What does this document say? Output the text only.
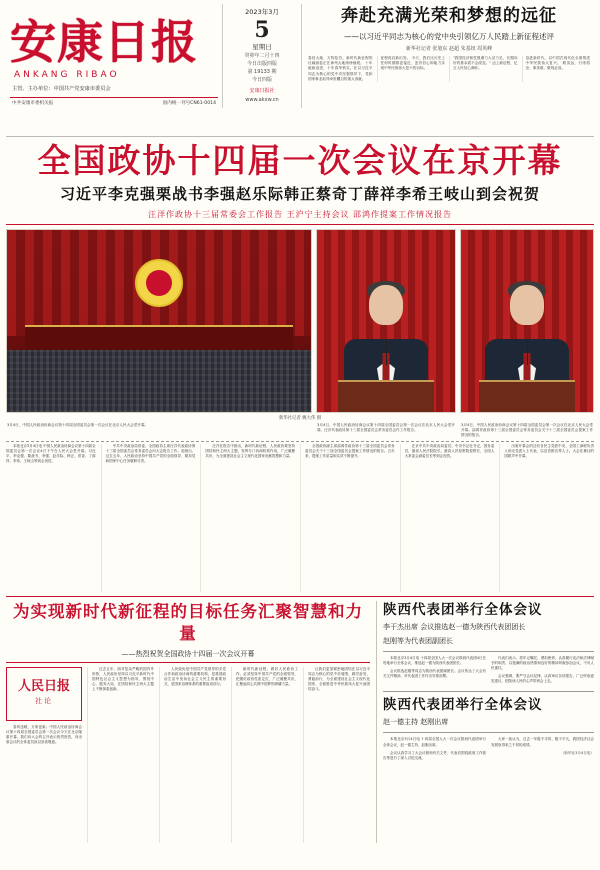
安康日报
ANKANG RIBAO
主管、主办单位：中国共产党安康市委员会
中共安康市委机关报	国内统一刊号CN61-0014
2023年3月
5
星期日
癸卯年二月十四
今日出版四版
第 19133 期
今日四版
安康日报社
www.akxw.cn
奔赴充满光荣和梦想的远征
——以习近平同志为核心的党中央引领亿万人民踏上新征程述评
新华社记者 张旭东 赵超 朱基钗 周英峰
春回大地，万物复苏。新时代新征程的壮阔画卷正在神州大地徐徐铺展。 十年砥砺奋进，十年春华秋实。在以习近平同志为核心的党中央坚强领导下，党和国家事业取得举世瞩目的重大成就。
征程再启新出发。 今天，我们比历史上任何时期都更接近、更有信心和能力实现中华民族伟大复兴的目标。
"我国经济韧性强潜力大活力足，长期向好的基本面不会改变。" 迈上新征程，亿万人民信心满怀。
奋进新时代，以中国式现代化全面推进中华民族伟大复兴。 路虽远，行则将至；事虽难，做则必成。
全国政协十四届一次会议在京开幕
习近平李克强栗战书李强赵乐际韩正蔡奇丁薛祥李希王岐山到会祝贺
汪洋作政协十三届常委会工作报告 王沪宁主持会议 邵鸿作提案工作情况报告
新华社记者 姚大伟 摄
3月4日，中国人民政治协商会议第十四届全国委员会第一次会议在北京人民大会堂开幕。	3月4日，中国人民政治协商会议第十四届全国委员会第一次会议在北京人民大会堂开幕。汪洋代表政协第十三届全国委员会常务委员会作工作报告。
3月4日，中国人民政治协商会议第十四届全国委员会第一次会议在北京人民大会堂开幕。邵鸿作政协第十三届全国委员会常务委员会关于十三届全国委员会提案工作情况的报告。

本报北京3月4日电 中国人民政治协商会议第十四届全国委员会第一次会议4日下午在人民大会堂开幕。习近平、李克强、栗战书、李强、赵乐际、韩正、蔡奇、丁薛祥、李希、王岐山等到会祝贺。

中共中央政治局常委、全国政协主席汪洋代表政协第十三届全国委员会常务委员会向大会报告工作。他指出，过去五年，人民政协坚持中国共产党的全面领导，紧扣党和国家中心任务履职尽责。

汪洋在报告中指出，新时代新征程，人民政协要坚持团结和民主两大主题，发挥专门协商机构作用，广泛凝聚共识，为全面建设社会主义现代化国家贡献智慧和力量。

全国政协副主席邵鸿作政协第十三届全国委员会常务委员会关于十三届全国委员会提案工作情况的报告。五年来，提案工作质量和实效不断提升。

在京中共中央政治局委员、中央书记处书记，国务委员，最高人民法院院长，最高人民检察院检察长，全国人大常委会副委员长等到会祝贺。

出席开幕会的还有各民主党派中央、全国工商联负责人和无党派人士代表，以及首都各界人士。大会在雄壮的国歌声中开幕。

为实现新时代新征程的目标任务汇聚智慧和力量
——热烈祝贺全国政协十四届一次会议开幕
人民日报
社论

春风送暖，万象更新。中国人民政治协商会议第十四届全国委员会第一次会议今天在北京隆重开幕。我们向大会的召开表示热烈祝贺，向出席会议的全体委员致以崇高敬意。

过去五年，面对复杂严峻的国内外形势，人民政协坚持以习近平新时代中国特色社会主义思想为指导，围绕中心、服务大局，在团结和民主两大主题上不断探索创新。

人民政协是中国共产党领导的多党合作和政治协商的重要机构，是我国政治生活中发扬社会主义民主的重要形式，是国家治理体系的重要组成部分。

新时代新征程，做好人民政协工作，必须坚持中国共产党的全面领导，把握好政协性质定位，广泛凝聚共识，汇聚起同心共圆中国梦的磅礴力量。

让我们更加紧密地团结在以习近平同志为核心的党中央周围，踔厉奋发、勇毅前行，为全面建设社会主义现代化国家、全面推进中华民族伟大复兴而团结奋斗。

陕西代表团举行全体会议
李干杰出席 会议推选赵一德为陕西代表团团长
赵刚等为代表团副团长

本报北京3月4日电 十四届全国人大一次会议陕西代表团4日在驻地举行全体会议，推选赵一德为陕西代表团团长。

会议推选赵刚等同志为陕西代表团副团长。会议传达了大会有关文件精神，对代表团工作作出安排部署。

代表们表示，将牢记嘱托、勇担使命，认真履行宪法和法律赋予的职责，以饱满的政治热情和良好的精神风貌参加会议，不负人民重托。

会议强调，要严守会议纪律，认真审议各项报告，广泛听取意见建议，把陕西人民的心声带到会上去。

陕西代表团举行全体会议
赵一德主持 赵刚出席

本报北京3月4日电 十四届全国人大一次会议陕西代表团举行全体会议，赵一德主持，赵刚出席。

会议认真学习了大会议程和有关文件，代表们围绕政府工作报告等进行了深入讨论交流。

大家一致认为，过去一年极不寻常、极不平凡，我国经济社会发展取得来之不易的成绩。

（新华社3月4日电）
